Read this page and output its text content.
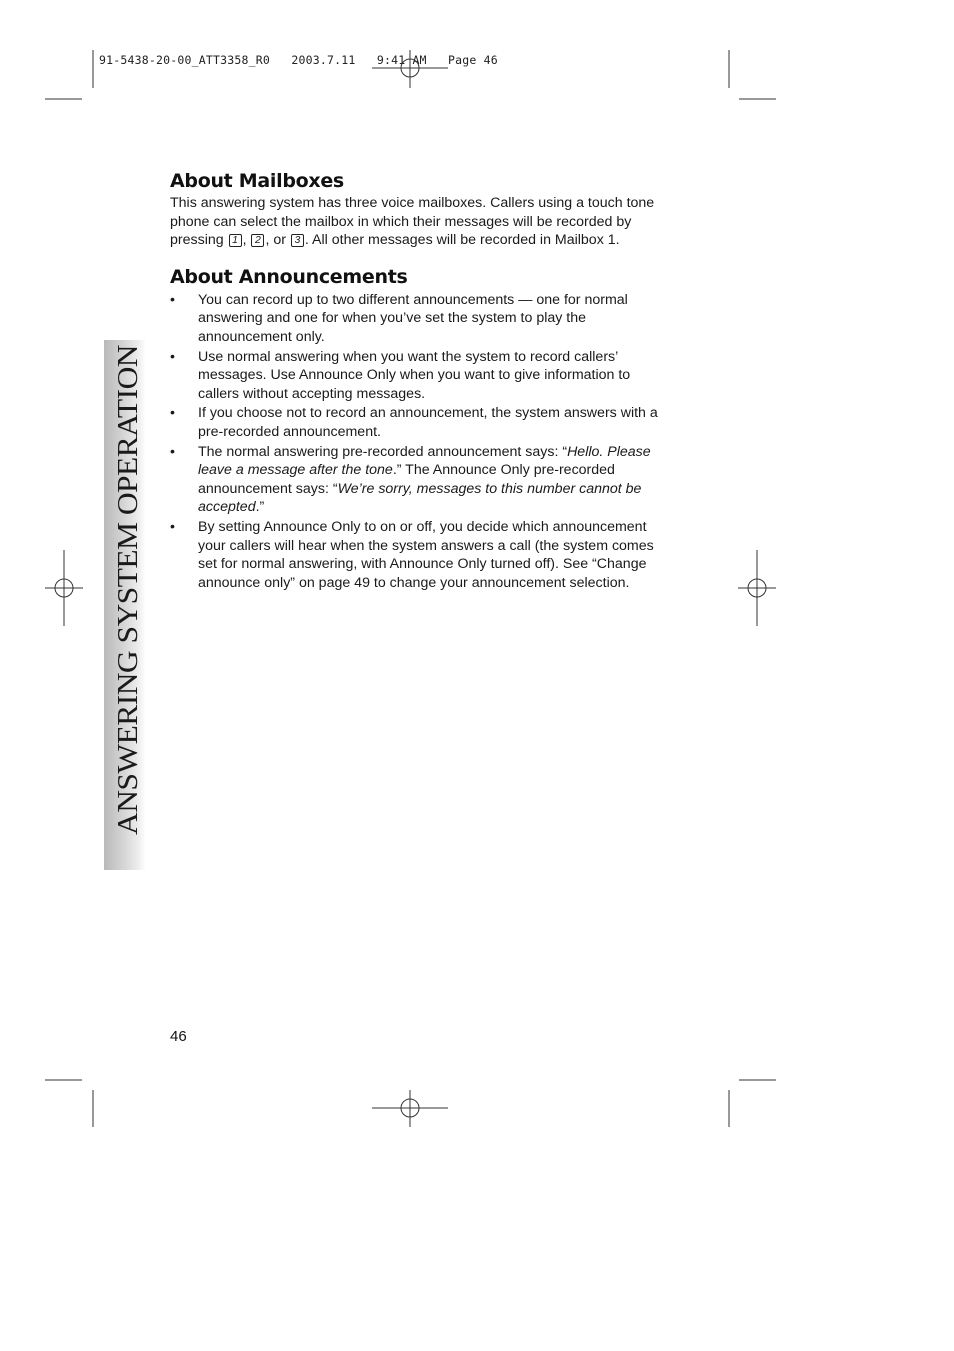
91-5438-20-00_ATT3358_R0   2003.7.11   9:41 AM   Page 46
ANSWERING SYSTEM OPERATION
About Mailboxes

This answering system has three voice mailboxes. Callers using a touch tone phone can select the mailbox in which their messages will be recorded by pressing 1 , 2 , or 3 . All other messages will be recorded in Mailbox 1.

About Announcements
• You can record up to two different announcements — one for normal answering and one for when you’ve set the system to play the announcement only.
• Use normal answering when you want the system to record callers’ messages. Use Announce Only when you want to give information to callers without accepting messages.
• If you choose not to record an announcement, the system answers with a pre-recorded announcement.
• The normal answering pre-recorded announcement says: “Hello. Please leave a message after the tone.” The Announce Only pre-recorded announcement says: “We’re sorry, messages to this number cannot be accepted.”
• By setting Announce Only to on or off, you decide which announcement your callers will hear when the system answers a call (the system comes set for normal answering, with Announce Only turned off). See “Change announce only” on page 49 to change your announcement selection.
46
